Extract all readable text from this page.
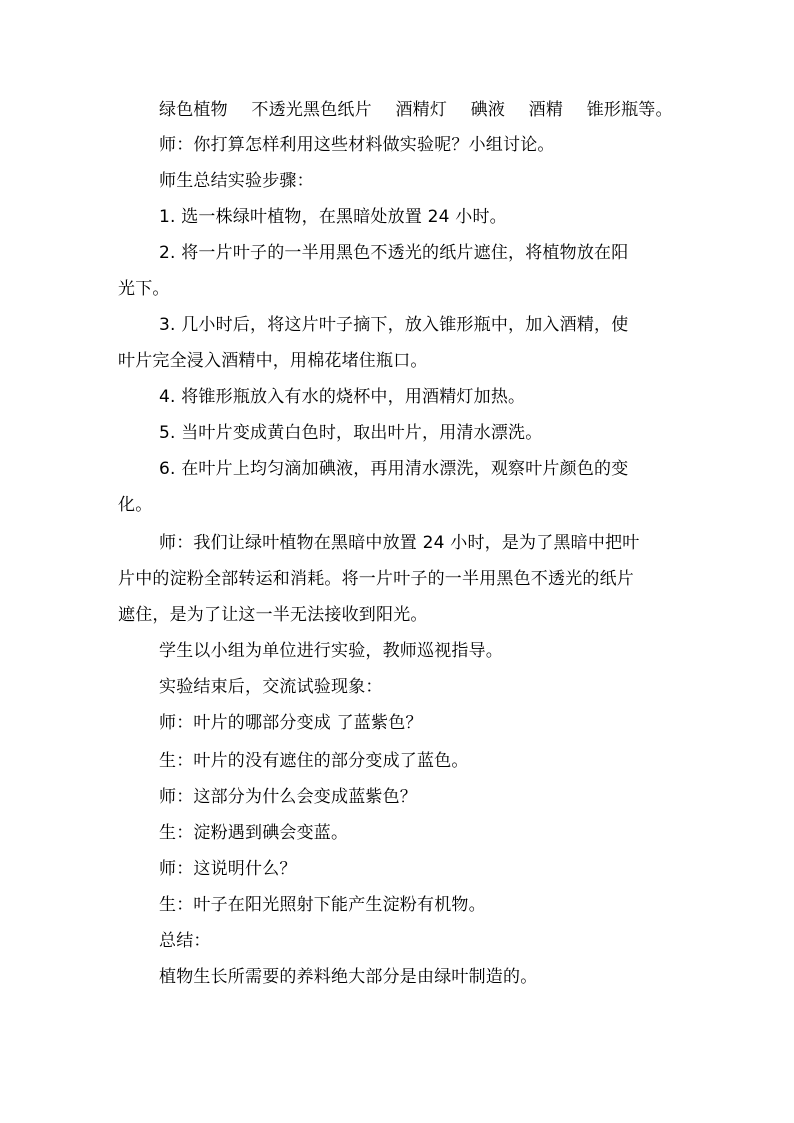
绿色植物 不透光黑色纸片 酒精灯 碘液 酒精 锥形瓶等。
师：你打算怎样利用这些材料做实验呢？小组讨论。
师生总结实验步骤：
1. 选一株绿叶植物，在黑暗处放置 24 小时。
2. 将一片叶子的一半用黑色不透光的纸片遮住，将植物放在阳
光下。
3. 几小时后，将这片叶子摘下，放入锥形瓶中，加入酒精，使
叶片完全浸入酒精中，用棉花堵住瓶口。
4. 将锥形瓶放入有水的烧杯中，用酒精灯加热。
5. 当叶片变成黄白色时，取出叶片，用清水漂洗。
6. 在叶片上均匀滴加碘液，再用清水漂洗，观察叶片颜色的变
化。
师：我们让绿叶植物在黑暗中放置 24 小时，是为了黑暗中把叶
片中的淀粉全部转运和消耗。将一片叶子的一半用黑色不透光的纸片
遮住，是为了让这一半无法接收到阳光。
学生以小组为单位进行实验，教师巡视指导。
实验结束后，交流试验现象：
师：叶片的哪部分变成 了蓝紫色？
生：叶片的没有遮住的部分变成了蓝色。
师：这部分为什么会变成蓝紫色？
生：淀粉遇到碘会变蓝。
师：这说明什么？
生：叶子在阳光照射下能产生淀粉有机物。
总结：
植物生长所需要的养料绝大部分是由绿叶制造的。
